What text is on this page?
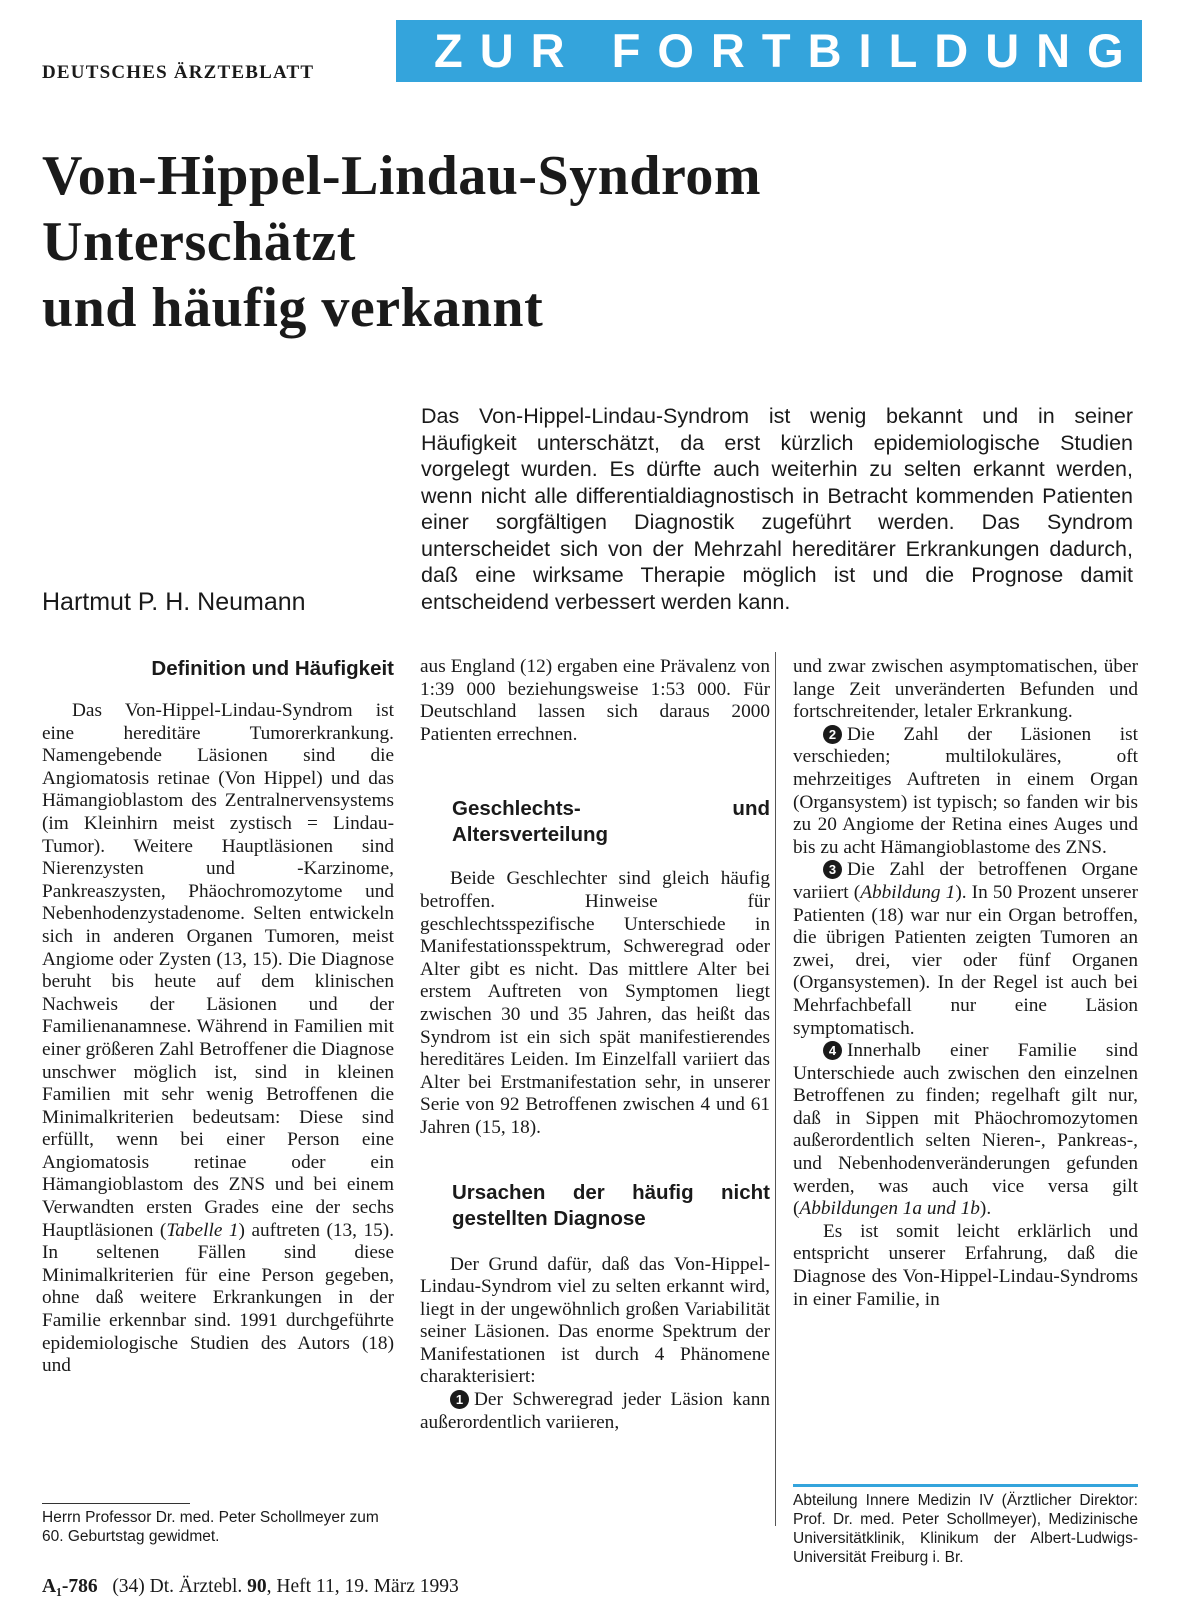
DEUTSCHES ÄRZTEBLATT	ZUR FORTBILDUNG
Von-Hippel-Lindau-Syndrom
Unterschätzt
und häufig verkannt
Hartmut P. H. Neumann
Das Von-Hippel-Lindau-Syndrom ist wenig bekannt und in seiner Häufigkeit unterschätzt, da erst kürzlich epidemiologische Studien vorgelegt wurden. Es dürfte auch weiterhin zu selten erkannt werden, wenn nicht alle differentialdiagnostisch in Betracht kommenden Patienten einer sorgfältigen Diagnostik zugeführt werden. Das Syndrom unterscheidet sich von der Mehrzahl hereditärer Erkrankungen dadurch, daß eine wirksame Therapie möglich ist und die Prognose damit entscheidend verbessert werden kann.
Definition und Häufigkeit

Das Von-Hippel-Lindau-Syndrom ist eine hereditäre Tumorerkrankung. Namengebende Läsionen sind die Angiomatosis retinae (Von Hippel) und das Hämangioblastom des Zentralnervensystems (im Kleinhirn meist zystisch = Lindau-Tumor). Weitere Hauptläsionen sind Nierenzysten und -Karzinome, Pankreaszysten, Phäochromozytome und Nebenhodenzystadenome. Selten entwickeln sich in anderen Organen Tumoren, meist Angiome oder Zysten (13, 15). Die Diagnose beruht bis heute auf dem klinischen Nachweis der Läsionen und der Familienanamnese. Während in Familien mit einer größeren Zahl Betroffener die Diagnose unschwer möglich ist, sind in kleinen Familien mit sehr wenig Betroffenen die Minimalkriterien bedeutsam: Diese sind erfüllt, wenn bei einer Person eine Angiomatosis retinae oder ein Hämangioblastom des ZNS und bei einem Verwandten ersten Grades eine der sechs Hauptläsionen (Tabelle 1) auftreten (13, 15). In seltenen Fällen sind diese Minimalkriterien für eine Person gegeben, ohne daß weitere Erkrankungen in der Familie erkennbar sind. 1991 durchgeführte epidemiologische Studien des Autors (18) und

Herrn Professor Dr. med. Peter Schollmeyer zum 60. Geburtstag gewidmet.

aus England (12) ergaben eine Prävalenz von 1:39 000 beziehungsweise 1:53 000. Für Deutschland lassen sich daraus 2000 Patienten errechnen.

Geschlechts- und Altersverteilung

Beide Geschlechter sind gleich häufig betroffen. Hinweise für geschlechtsspezifische Unterschiede in Manifestationsspektrum, Schweregrad oder Alter gibt es nicht. Das mittlere Alter bei erstem Auftreten von Symptomen liegt zwischen 30 und 35 Jahren, das heißt das Syndrom ist ein sich spät manifestierendes hereditäres Leiden. Im Einzelfall variiert das Alter bei Erstmanifestation sehr, in unserer Serie von 92 Betroffenen zwischen 4 und 61 Jahren (15, 18).

Ursachen der häufig nicht gestellten Diagnose

Der Grund dafür, daß das Von-Hippel-Lindau-Syndrom viel zu selten erkannt wird, liegt in der ungewöhnlich großen Variabilität seiner Läsionen. Das enorme Spektrum der Manifestationen ist durch 4 Phänomene charakterisiert:

1 Der Schweregrad jeder Läsion kann außerordentlich variieren,

und zwar zwischen asymptomatischen, über lange Zeit unveränderten Befunden und fortschreitender, letaler Erkrankung.

2 Die Zahl der Läsionen ist verschieden; multilokuläres, oft mehrzeitiges Auftreten in einem Organ (Organsystem) ist typisch; so fanden wir bis zu 20 Angiome der Retina eines Auges und bis zu acht Hämangioblastome des ZNS.

3 Die Zahl der betroffenen Organe variiert (Abbildung 1). In 50 Prozent unserer Patienten (18) war nur ein Organ betroffen, die übrigen Patienten zeigten Tumoren an zwei, drei, vier oder fünf Organen (Organsystemen). In der Regel ist auch bei Mehrfachbefall nur eine Läsion symptomatisch.

4 Innerhalb einer Familie sind Unterschiede auch zwischen den einzelnen Betroffenen zu finden; regelhaft gilt nur, daß in Sippen mit Phäochromozytomen außerordentlich selten Nieren-, Pankreas-, und Nebenhodenveränderungen gefunden werden, was auch vice versa gilt (Abbildungen 1a und 1b).

Es ist somit leicht erklärlich und entspricht unserer Erfahrung, daß die Diagnose des Von-Hippel-Lindau-Syndroms in einer Familie, in

Abteilung Innere Medizin IV (Ärztlicher Direktor: Prof. Dr. med. Peter Schollmeyer), Medizinische Universitätklinik, Klinikum der Albert-Ludwigs-Universität Freiburg i. Br.
A₁-786 (34) Dt. Ärztebl. 90, Heft 11, 19. März 1993
